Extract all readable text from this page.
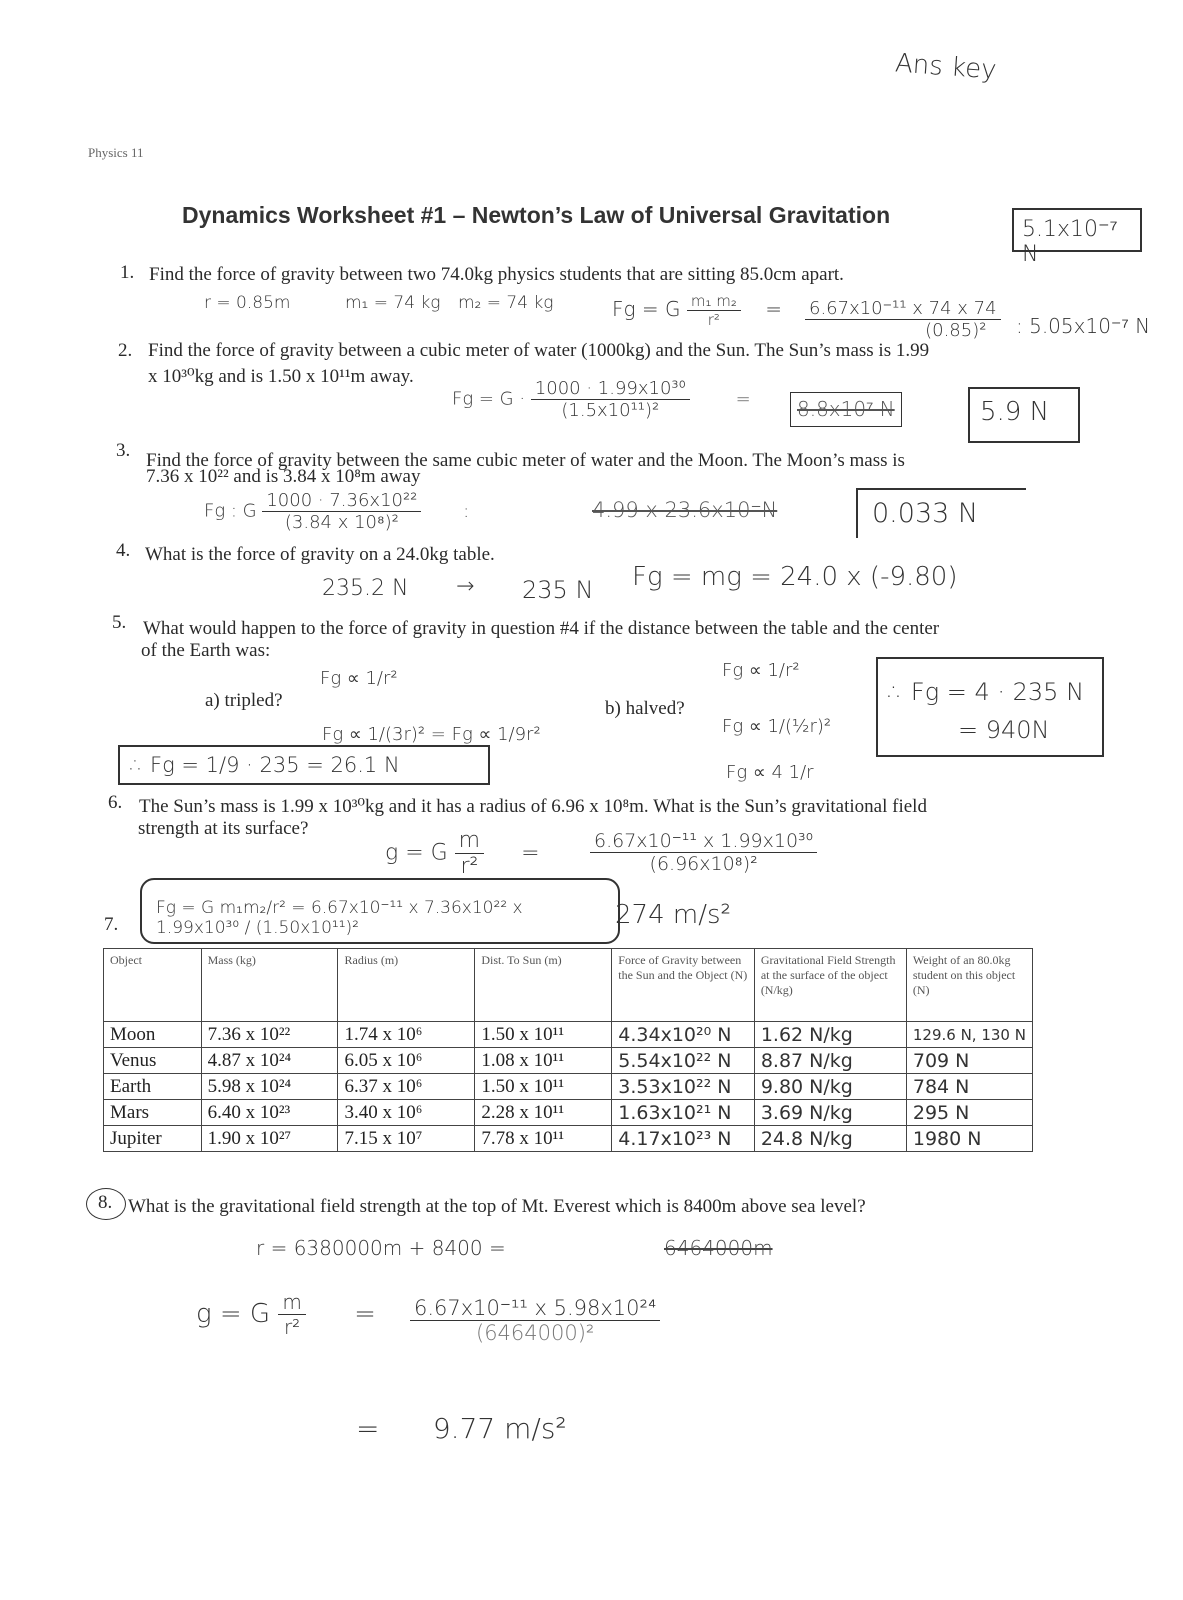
Ans key
Physics 11
Dynamics Worksheet #1 – Newton’s Law of Universal Gravitation
5.1x10⁻⁷ N
1. Find the force of gravity between two 74.0kg physics students that are sitting 85.0cm apart.
r = 0.85m	m₁ = 74 kg m₂ = 74 kg	Fg = G $\frac{\text{m₁ m₂}}{\text{r²}} = \frac{\text{6.67x10⁻¹¹ x 74 x 74}}{\text{(0.85)²}}$ : 5.05x10⁻⁷ N
2. Find the force of gravity between a cubic meter of water (1000kg) and the Sun. The Sun’s mass is 1.99
x 10³⁰kg and is 1.50 x 10¹¹m away.
$Fg = G \cdot \frac{\text{1000 · 1.99x10³⁰}}{\text{(1.5x10¹¹)²}}$	=	8.8x10⁷ N	5.9 N
3. Find the force of gravity between the same cubic meter of water and the Moon. The Moon’s mass is
7.36 x 10²² and is 3.84 x 10⁸m away
Fg : G $\frac{\text{1000 · 7.36x10²²}}{\text{(3.84 x 10⁸)²}}$ :	4.99 x 23.6x10⁻N	0.033 N
4. What is the force of gravity on a 24.0kg table.
235.2 N → 235 N Fg = mg = 24.0 x (-9.80)
5. What would happen to the force of gravity in question #4 if the distance between the table and the center
of the Earth was:
Fg ∝ 1/r²
a) tripled?
Fg ∝ 1/(3r)² = Fg ∝ 1/9r²
∴ Fg = 1/9 · 235 = 26.1 N
b) halved?
Fg ∝ 1/r²
Fg ∝ 1/(½r)²
Fg ∝ 4 1/r
∴ Fg = 4 · 235 N
= 940N
6. The Sun’s mass is 1.99 x 10³⁰kg and it has a radius of 6.96 x 10⁸m. What is the Sun’s gravitational field
strength at its surface?
g = G $\frac{m}{\text{r²}}$ =	$\frac{\text{6.67x10⁻¹¹ x 1.99x10³⁰}}{\text{(6.96x10⁸)²}}$
274 m/s²
7.
Fg = G m₁m₂/r² = 6.67x10⁻¹¹ x 7.36x10²² x 1.99x10³⁰ / (1.50x10¹¹)²
Object	Mass (kg)	Radius (m)	Dist. To Sun (m)	Force of Gravity between the Sun and the Object (N)	Gravitational Field Strength at the surface of the object (N/kg)	Weight of an 80.0kg student on this object (N)
Moon	7.36 x 10²²	1.74 x 10⁶	1.50 x 10¹¹	4.34x10²⁰ N	1.62 N/kg	129.6 N, 130 N
Venus	4.87 x 10²⁴	6.05 x 10⁶	1.08 x 10¹¹	5.54x10²² N	8.87 N/kg	709 N
Earth	5.98 x 10²⁴	6.37 x 10⁶	1.50 x 10¹¹	3.53x10²² N	9.80 N/kg	784 N
Mars	6.40 x 10²³	3.40 x 10⁶	2.28 x 10¹¹	1.63x10²¹ N	3.69 N/kg	295 N
Jupiter	1.90 x 10²⁷	7.15 x 10⁷	7.78 x 10¹¹	4.17x10²³ N	24.8 N/kg	1980 N
8. What is the gravitational field strength at the top of Mt. Everest which is 8400m above sea level?
r = 6380000m + 8400 =	6464000m
g = G $\frac{m}{\text{r²}} = \frac{\text{6.67x10⁻¹¹ x 5.98x10²⁴}}{\text{(6464000)²}}$
=      9.77 m/s²
